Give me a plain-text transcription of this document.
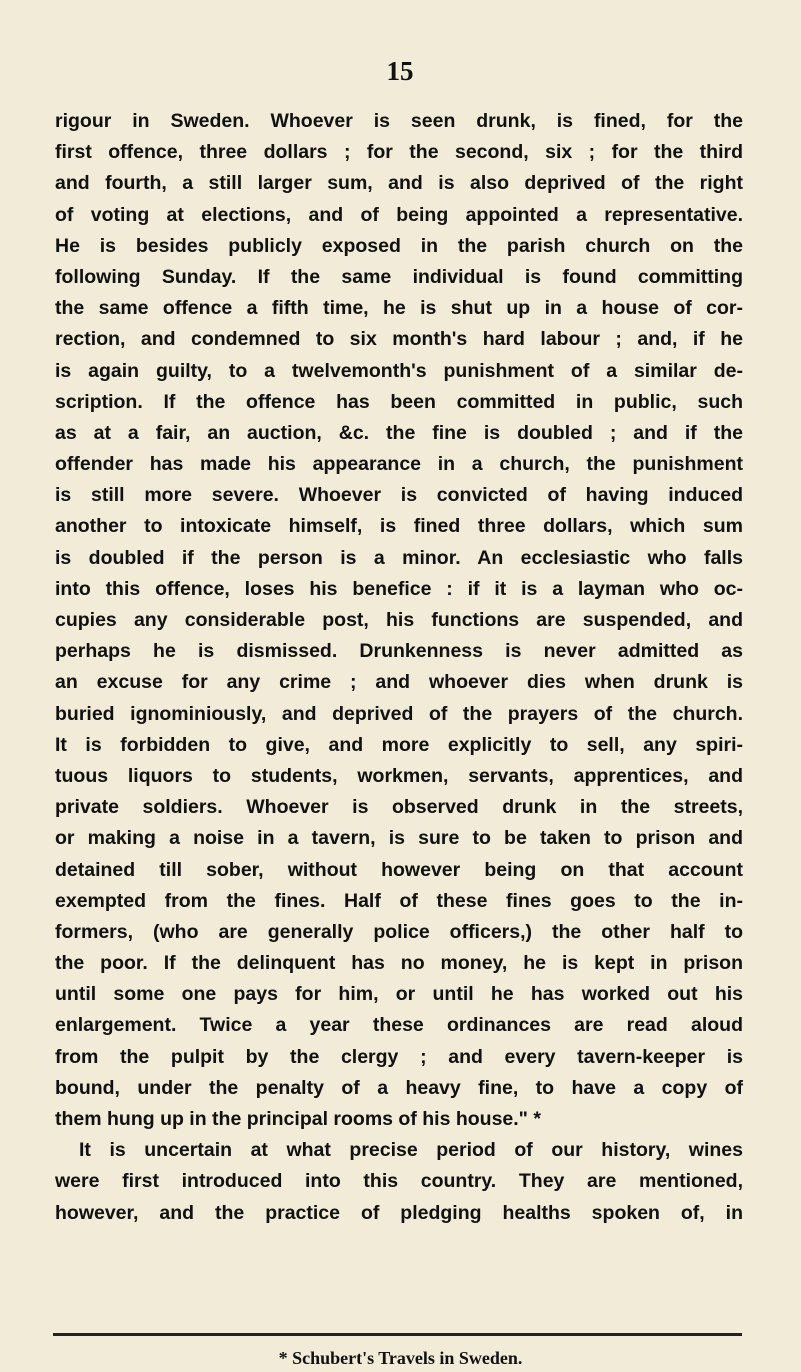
15
rigour in Sweden. Whoever is seen drunk, is fined, for the
first offence, three dollars ; for the second, six ; for the third
and fourth, a still larger sum, and is also deprived of the right
of voting at elections, and of being appointed a representative.
He is besides publicly exposed in the parish church on the
following Sunday. If the same individual is found committing
the same offence a fifth time, he is shut up in a house of cor-
rection, and condemned to six month's hard labour ; and, if he
is again guilty, to a twelvemonth's punishment of a similar de-
scription. If the offence has been committed in public, such
as at a fair, an auction, &c. the fine is doubled ; and if the
offender has made his appearance in a church, the punishment
is still more severe. Whoever is convicted of having induced
another to intoxicate himself, is fined three dollars, which sum
is doubled if the person is a minor. An ecclesiastic who falls
into this offence, loses his benefice : if it is a layman who oc-
cupies any considerable post, his functions are suspended, and
perhaps he is dismissed. Drunkenness is never admitted as
an excuse for any crime ; and whoever dies when drunk is
buried ignominiously, and deprived of the prayers of the church.
It is forbidden to give, and more explicitly to sell, any spiri-
tuous liquors to students, workmen, servants, apprentices, and
private soldiers. Whoever is observed drunk in the streets,
or making a noise in a tavern, is sure to be taken to prison and
detained till sober, without however being on that account
exempted from the fines. Half of these fines goes to the in-
formers, (who are generally police officers,) the other half to
the poor. If the delinquent has no money, he is kept in prison
until some one pays for him, or until he has worked out his
enlargement. Twice a year these ordinances are read aloud
from the pulpit by the clergy ; and every tavern-keeper is
bound, under the penalty of a heavy fine, to have a copy of
them hung up in the principal rooms of his house." *
It is uncertain at what precise period of our history, wines
were first introduced into this country. They are mentioned,
however, and the practice of pledging healths spoken of, in
* Schubert's Travels in Sweden.
